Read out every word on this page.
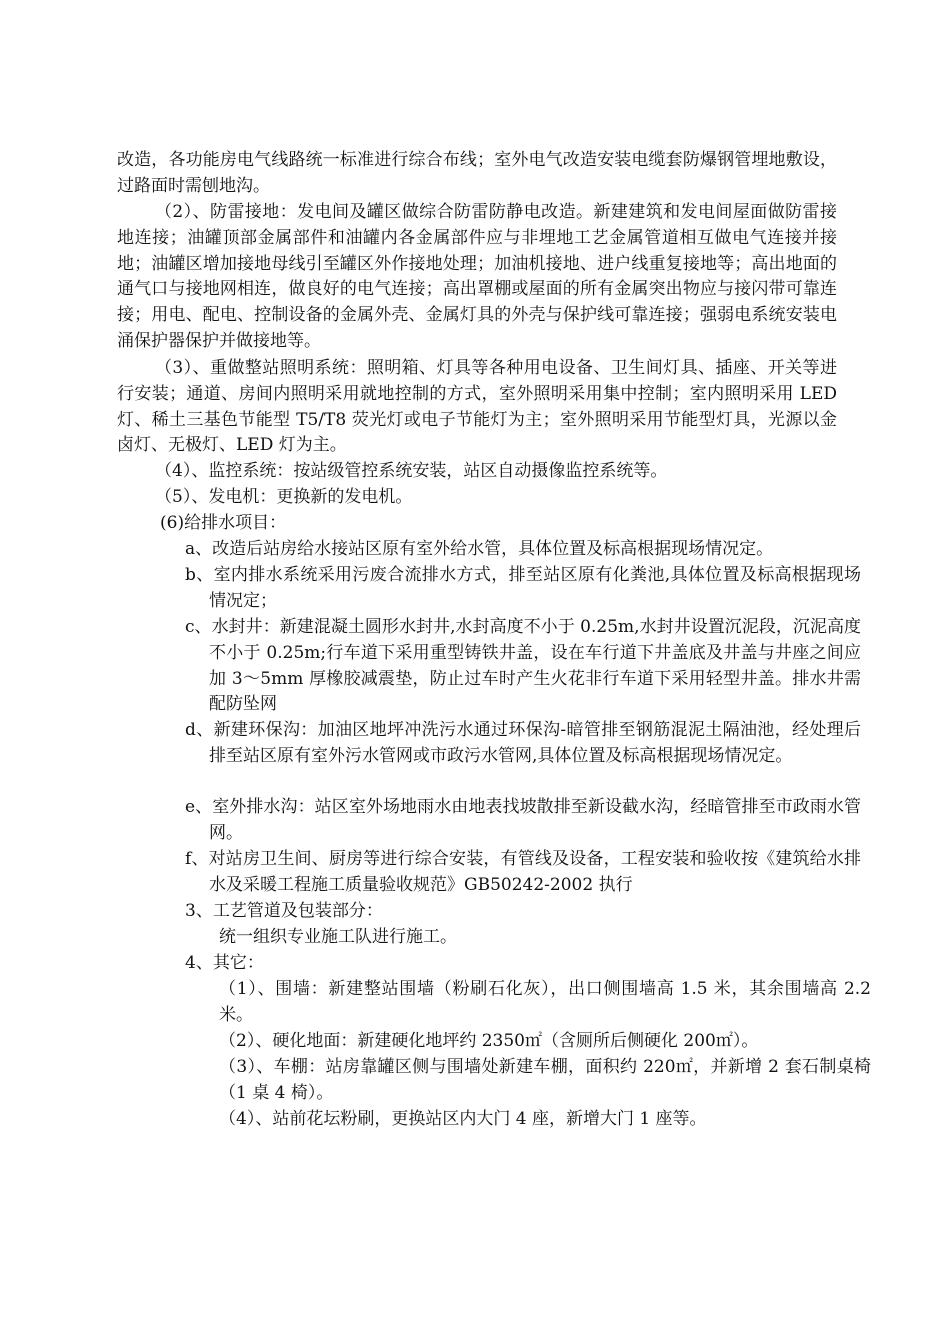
改造，各功能房电气线路统一标准进行综合布线；室外电气改造安装电缆套防爆钢管埋地敷设，过路面时需刨地沟。

（2）、防雷接地：发电间及罐区做综合防雷防静电改造。新建建筑和发电间屋面做防雷接地连接；油罐顶部金属部件和油罐内各金属部件应与非埋地工艺金属管道相互做电气连接并接地；油罐区增加接地母线引至罐区外作接地处理；加油机接地、进户线重复接地等；高出地面的通气口与接地网相连，做良好的电气连接；高出罩棚或屋面的所有金属突出物应与接闪带可靠连接；用电、配电、控制设备的金属外壳、金属灯具的外壳与保护线可靠连接；强弱电系统安装电涌保护器保护并做接地等。

（3）、重做整站照明系统：照明箱、灯具等各种用电设备、卫生间灯具、插座、开关等进行安装；通道、房间内照明采用就地控制的方式，室外照明采用集中控制；室内照明采用 LED 灯、稀土三基色节能型 T5/T8 荧光灯或电子节能灯为主；室外照明采用节能型灯具，光源以金卤灯、无极灯、LED 灯为主。

（4）、监控系统：按站级管控系统安装，站区自动摄像监控系统等。

（5）、发电机：更换新的发电机。

(6)给排水项目：

a、改造后站房给水接站区原有室外给水管，具体位置及标高根据现场情况定。

b、室内排水系统采用污废合流排水方式，排至站区原有化粪池,具体位置及标高根据现场情况定；

c、水封井：新建混凝土圆形水封井,水封高度不小于 0.25m,水封井设置沉泥段，沉泥高度不小于 0.25m;行车道下采用重型铸铁井盖，设在车行道下井盖底及井盖与井座之间应加 3～5mm 厚橡胶减震垫，防止过车时产生火花非行车道下采用轻型井盖。排水井需配防坠网

d、新建环保沟：加油区地坪冲洗污水通过环保沟-暗管排至钢筋混泥土隔油池，经处理后排至站区原有室外污水管网或市政污水管网,具体位置及标高根据现场情况定。

e、室外排水沟：站区室外场地雨水由地表找坡散排至新设截水沟，经暗管排至市政雨水管网。

f、对站房卫生间、厨房等进行综合安装，有管线及设备，工程安装和验收按《建筑给水排水及采暖工程施工质量验收规范》GB50242-2002 执行

3、工艺管道及包装部分：

统一组织专业施工队进行施工。

4、其它：

（1）、围墙：新建整站围墙（粉刷石化灰），出口侧围墙高 1.5 米，其余围墙高 2.2 米。

（2）、硬化地面：新建硬化地坪约 2350㎡（含厕所后侧硬化 200㎡）。

（3）、车棚：站房靠罐区侧与围墙处新建车棚，面积约 220㎡，并新增 2 套石制桌椅（1 桌 4 椅）。

（4）、站前花坛粉刷，更换站区内大门 4 座，新增大门 1 座等。
